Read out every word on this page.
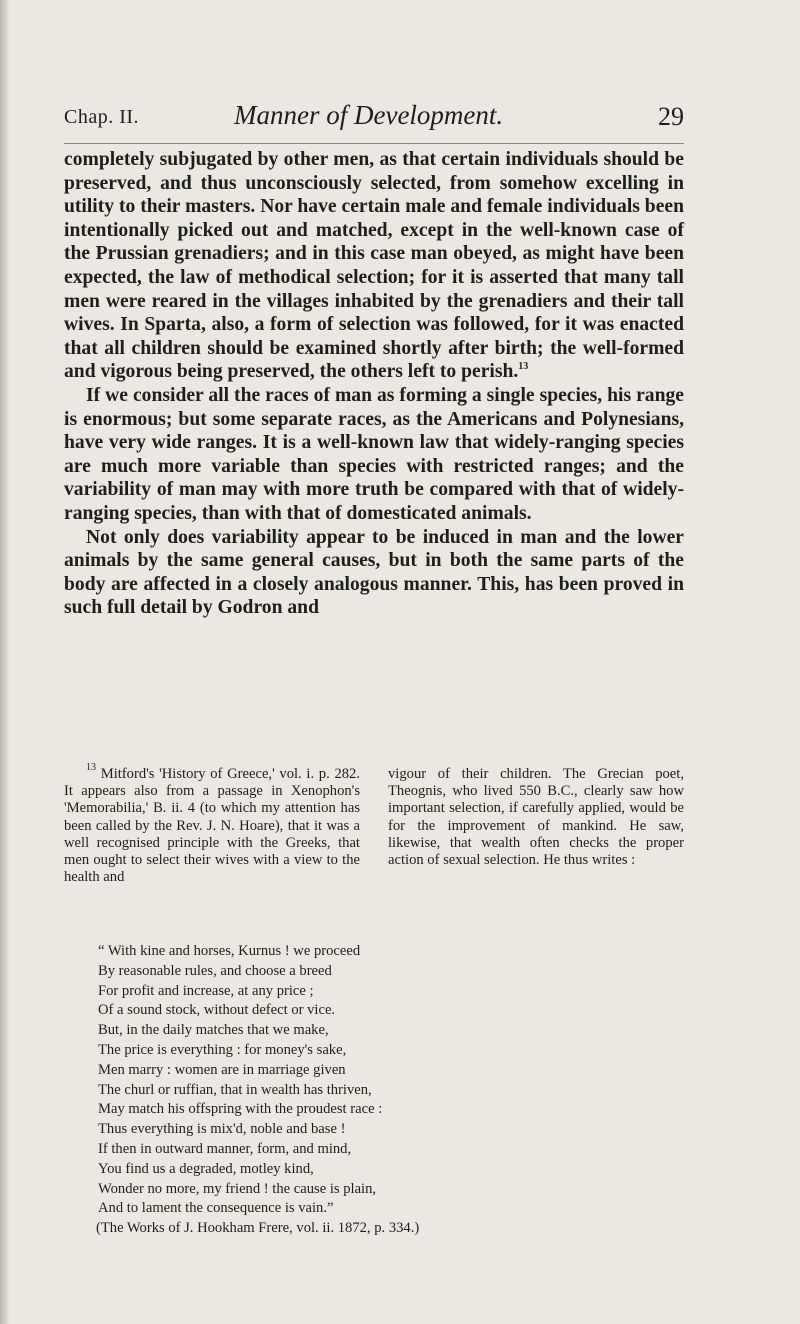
Chap. II.	Manner of Development.	29

completely subjugated by other men, as that certain individuals should be preserved, and thus unconsciously selected, from somehow excelling in utility to their masters. Nor have certain male and female individuals been intentionally picked out and matched, except in the well-known case of the Prussian grenadiers; and in this case man obeyed, as might have been expected, the law of methodical selection; for it is asserted that many tall men were reared in the villages inhabited by the grenadiers and their tall wives. In Sparta, also, a form of selection was followed, for it was enacted that all children should be examined shortly after birth; the well-formed and vigorous being preserved, the others left to perish.$^{13}$

If we consider all the races of man as forming a single species, his range is enormous; but some separate races, as the Americans and Polynesians, have very wide ranges. It is a well-known law that widely-ranging species are much more variable than species with restricted ranges; and the variability of man may with more truth be compared with that of widely-ranging species, than with that of domesticated animals.

Not only does variability appear to be induced in man and the lower animals by the same general causes, but in both the same parts of the body are affected in a closely analogous manner. This, has been proved in such full detail by Godron and

$^{13}$ Mitford's 'History of Greece,' vol. i. p. 282. It appears also from a passage in Xenophon's 'Memorabilia,' B. ii. 4 (to which my attention has been called by the Rev. J. N. Hoare), that it was a well recognised principle with the Greeks, that men ought to select their wives with a view to the health and

vigour of their children. The Grecian poet, Theognis, who lived 550 B.C., clearly saw how important selection, if carefully applied, would be for the improvement of mankind. He saw, likewise, that wealth often checks the proper action of sexual selection. He thus writes :

“ With kine and horses, Kurnus ! we proceed
By reasonable rules, and choose a breed
For profit and increase, at any price ;
Of a sound stock, without defect or vice.
But, in the daily matches that we make,
The price is everything : for money's sake,
Men marry : women are in marriage given
The churl or ruffian, that in wealth has thriven,
May match his offspring with the proudest race :
Thus everything is mix'd, noble and base !
If then in outward manner, form, and mind,
You find us a degraded, motley kind,
Wonder no more, my friend ! the cause is plain,
And to lament the consequence is vain.”
(The Works of J. Hookham Frere, vol. ii. 1872, p. 334.)
